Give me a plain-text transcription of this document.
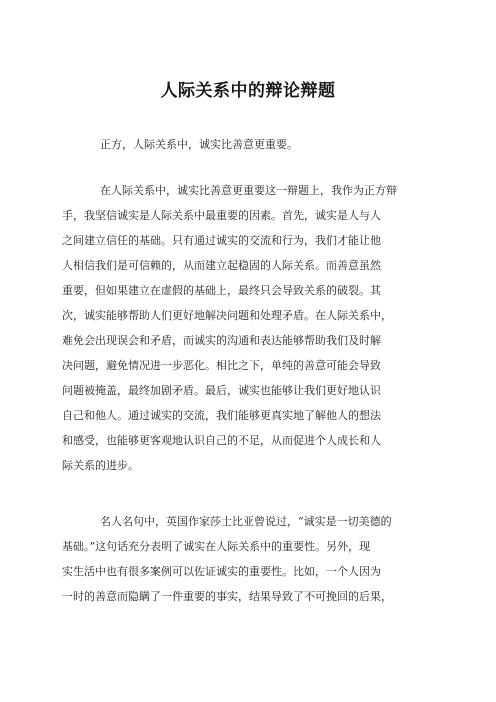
人际关系中的辩论辩题
正方，人际关系中，诚实比善意更重要。
在人际关系中，诚实比善意更重要这一辩题上，我作为正方辩
手，我坚信诚实是人际关系中最重要的因素。首先，诚实是人与人
之间建立信任的基础。只有通过诚实的交流和行为，我们才能让他
人相信我们是可信赖的，从而建立起稳固的人际关系。而善意虽然
重要，但如果建立在虚假的基础上，最终只会导致关系的破裂。其
次，诚实能够帮助人们更好地解决问题和处理矛盾。在人际关系中，
难免会出现误会和矛盾，而诚实的沟通和表达能够帮助我们及时解
决问题，避免情况进一步恶化。相比之下，单纯的善意可能会导致
问题被掩盖，最终加剧矛盾。最后，诚实也能够让我们更好地认识
自己和他人。通过诚实的交流，我们能够更真实地了解他人的想法
和感受，也能够更客观地认识自己的不足，从而促进个人成长和人
际关系的进步。
名人名句中，英国作家莎士比亚曾说过，“诚实是一切美德的
基础。”这句话充分表明了诚实在人际关系中的重要性。另外，现
实生活中也有很多案例可以佐证诚实的重要性。比如，一个人因为
一时的善意而隐瞒了一件重要的事实，结果导致了不可挽回的后果，
